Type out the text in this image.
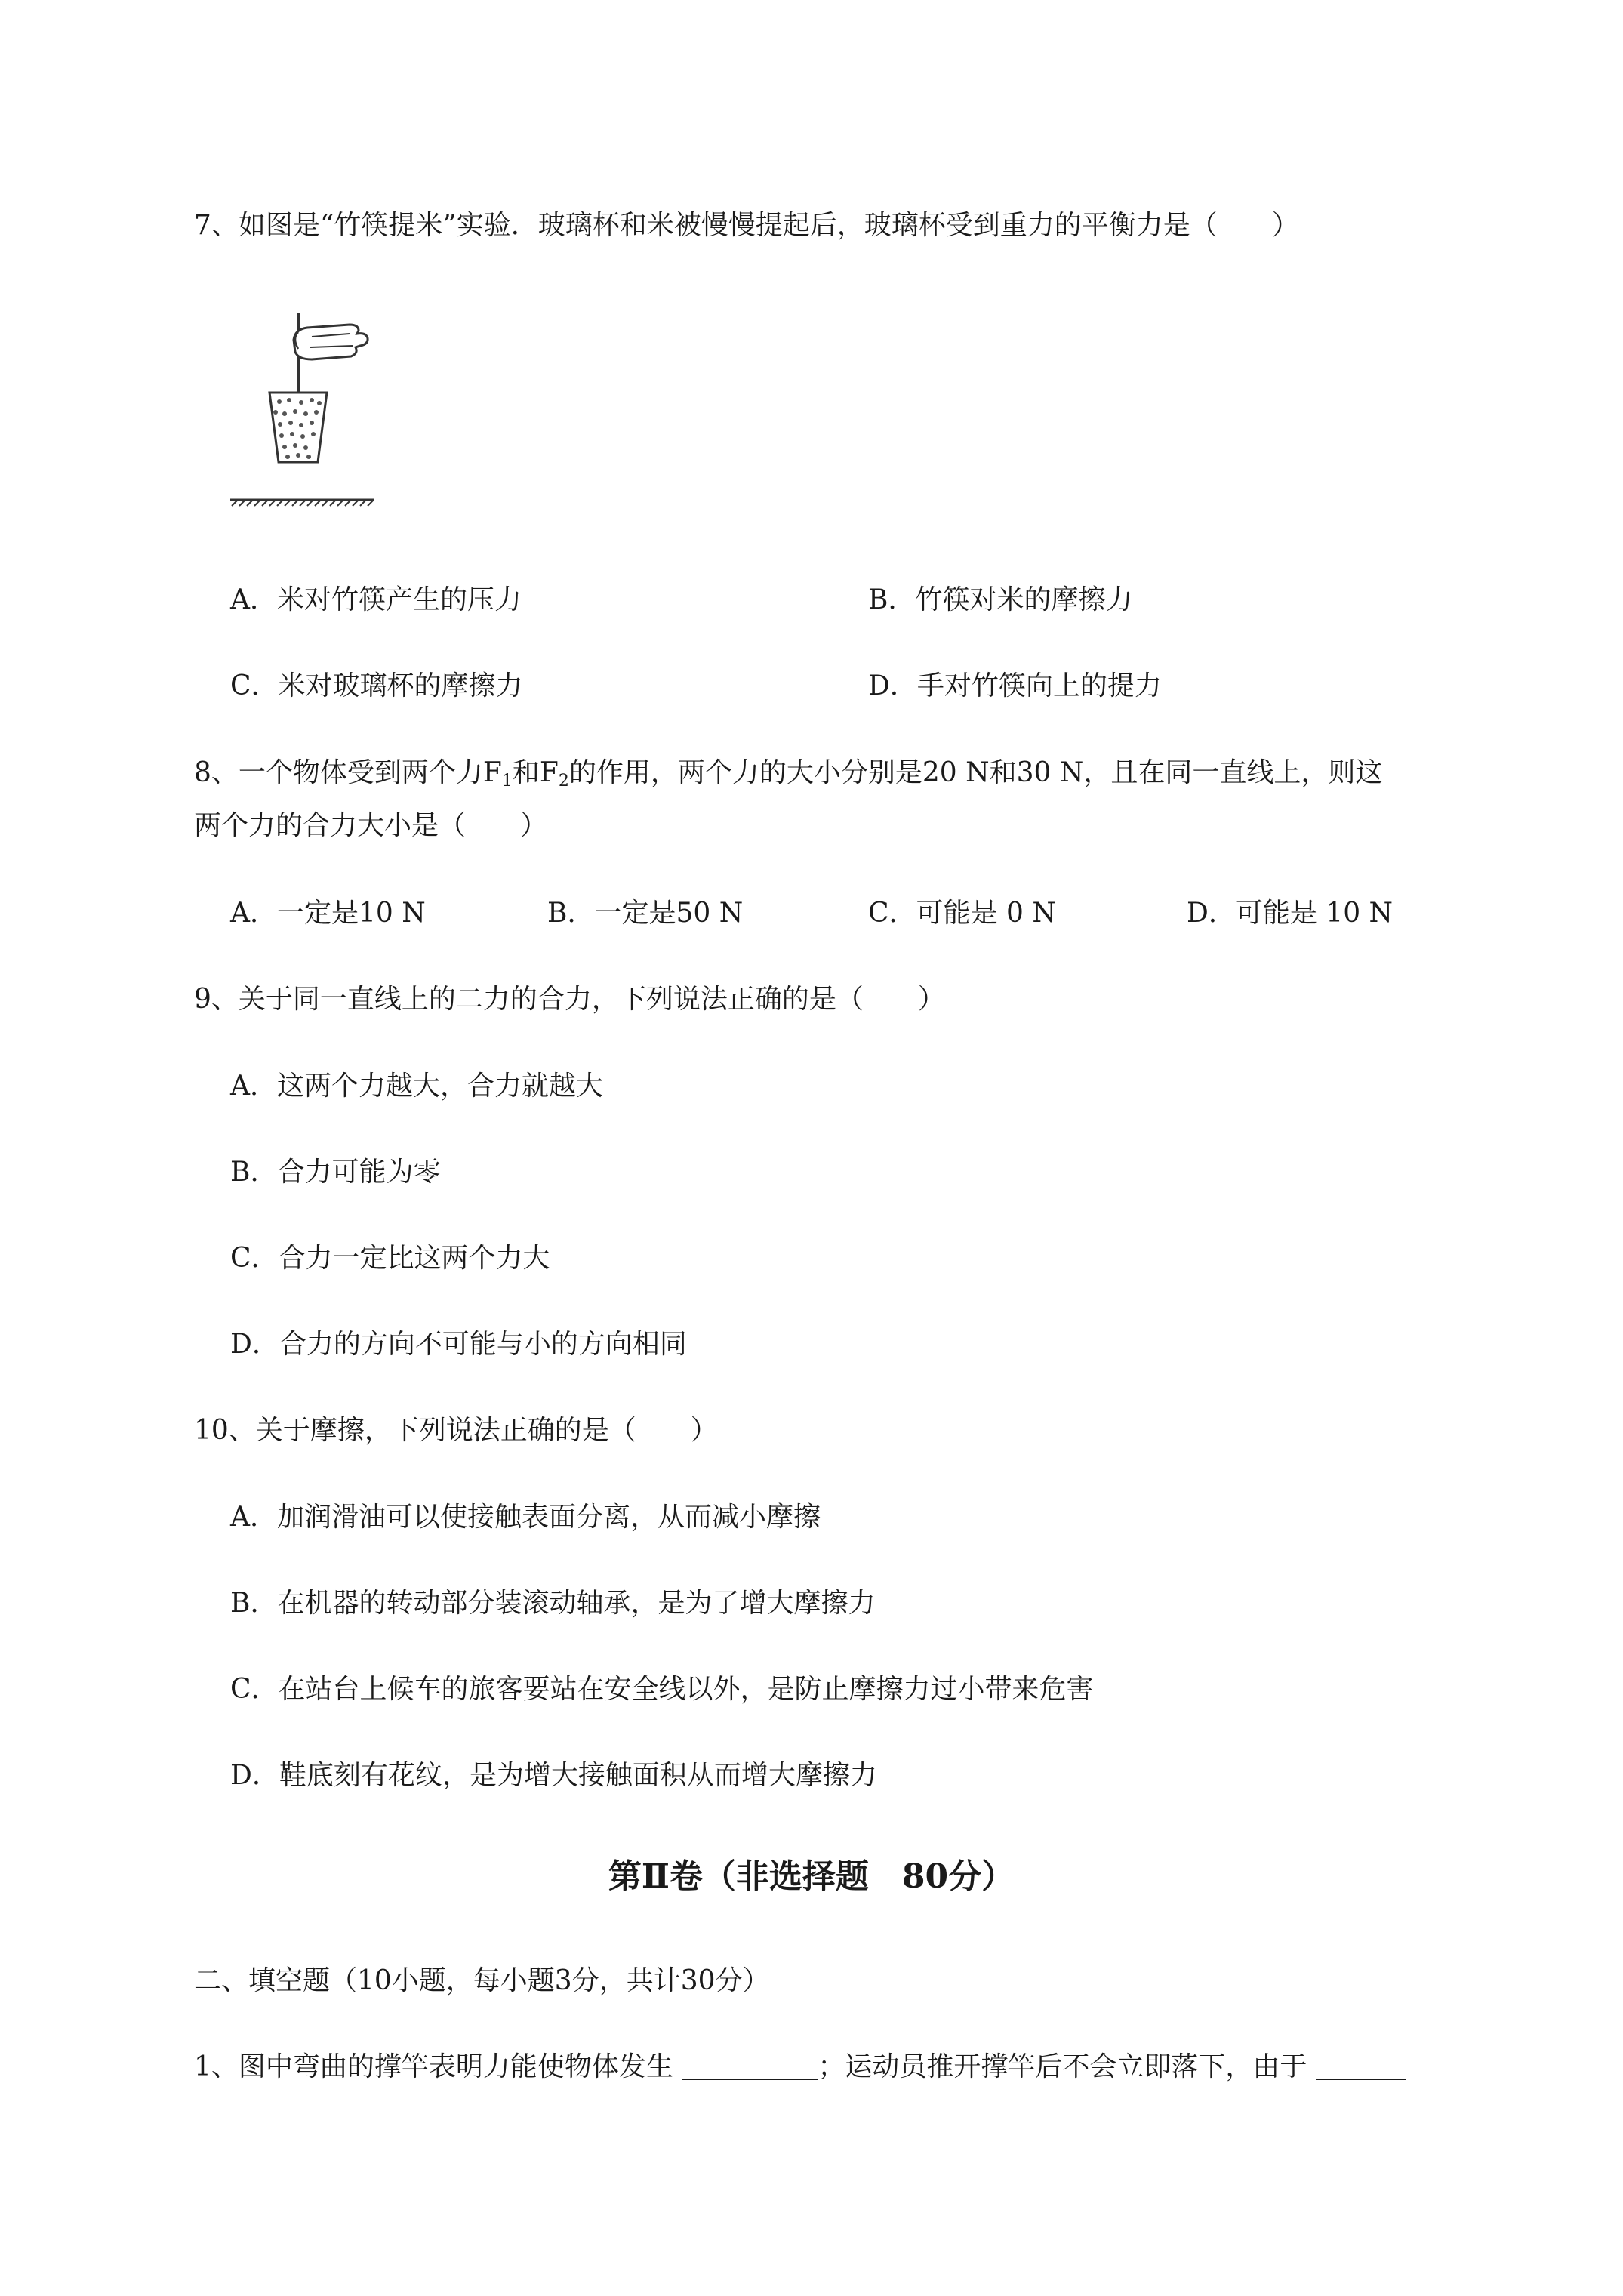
7、如图是“竹筷提米”实验．玻璃杯和米被慢慢提起后，玻璃杯受到重力的平衡力是（　　）
A．米对竹筷产生的压力	B．竹筷对米的摩擦力
C．米对玻璃杯的摩擦力	D．手对竹筷向上的提力
8、一个物体受到两个力$F_1$和$F_2$的作用，两个力的大小分别是20 N和30 N，且在同一直线上，则这
两个力的合力大小是（　　）
A．一定是10 N	B．一定是50 N	C．可能是 0 N	D．可能是 10 N
9、关于同一直线上的二力的合力，下列说法正确的是（　　）
A．这两个力越大，合力就越大
B．合力可能为零
C．合力一定比这两个力大
D．合力的方向不可能与小的方向相同
10、关于摩擦，下列说法正确的是（　　）
A．加润滑油可以使接触表面分离，从而减小摩擦
B．在机器的转动部分装滚动轴承，是为了增大摩擦力
C．在站台上候车的旅客要站在安全线以外，是防止摩擦力过小带来危害
D．鞋底刻有花纹，是为增大接触面积从而增大摩擦力
第Ⅱ卷（非选择题　80分）
二、填空题（10小题，每小题3分，共计30分）
1、图中弯曲的撑竿表明力能使物体发生	；运动员推开撑竿后不会立即落下，由于
